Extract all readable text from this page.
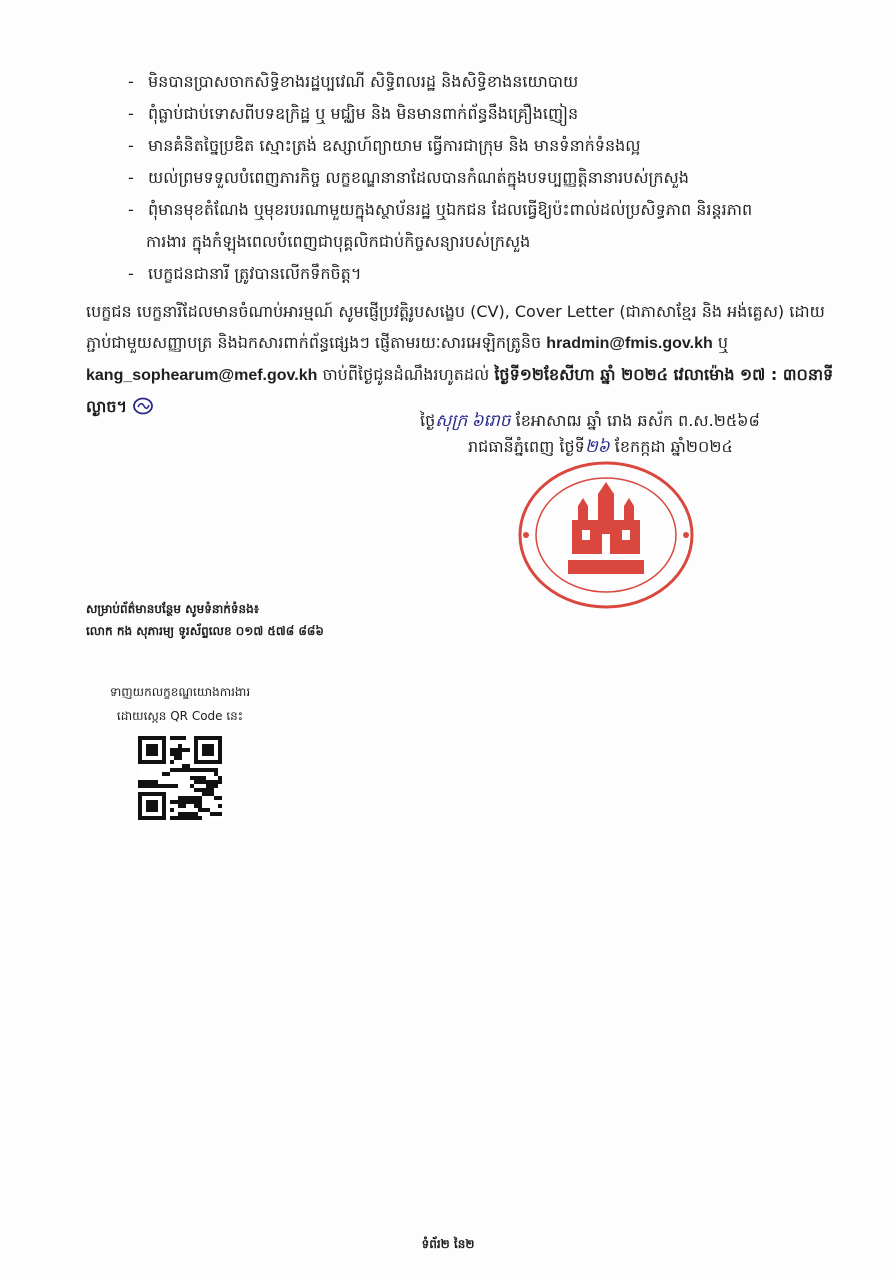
- មិនបានប្រាសចាកសិទ្ធិខាងរដ្ឋប្បវេណី សិទ្ធិពលរដ្ឋ និងសិទ្ធិខាងនយោបាយ
- ពុំធ្លាប់ជាប់ទោសពីបទឧក្រិដ្ឋ ឬ មជ្ឈិម និង មិនមានពាក់ព័ន្ធនឹងគ្រឿងញៀន
- មានគំនិតច្នៃប្រឌិត ស្មោះត្រង់ ឧស្សាហ៍ព្យាយាម ធ្វើការជាក្រុម និង មានទំនាក់ទំនងល្អ
- យល់ព្រមទទួលបំពេញភារកិច្ច លក្ខខណ្ឌនានាដែលបានកំណត់ក្នុងបទប្បញ្ញត្តិនានារបស់ក្រសួង
- ពុំមានមុខតំណែង ឬមុខរបរណាមួយក្នុងស្ថាប័នរដ្ឋ ឬឯកជន ដែលធ្វើឱ្យប៉ះពាល់ដល់ប្រសិទ្ធភាព និរន្តរភាព
ការងារ ក្នុងកំឡុងពេលបំពេញជាបុគ្គលិកជាប់កិច្ចសន្យារបស់ក្រសួង
- បេក្ខជនជានារី ត្រូវបានលើកទឹកចិត្ត។
បេក្ខជន បេក្ខនារីដែលមានចំណាប់អារម្មណ៍ សូមផ្ញើប្រវត្តិរូបសង្ខេប (CV), Cover Letter (ជាភាសាខ្មែរ និង អង់គ្លេស) ដោយភ្ជាប់ជាមួយសញ្ញាបត្រ និងឯកសារពាក់ព័ន្ធផ្សេងៗ ផ្ញើតាមរយៈសារអេឡិកត្រូនិច hradmin@fmis.gov.kh ឬ kang_sophearum@mef.gov.kh ចាប់ពីថ្ងៃជូនដំណឹងរហូតដល់ ថ្ងៃទី១២ខែសីហា ឆ្នាំ ២០២៤ វេលាម៉ោង ១៧ : ៣០នាទីល្ងាច។
ថ្ងៃសុក្រ ៦រោច ខែអាសាឍ ឆ្នាំ រោង ឆស័ក ព.ស.២៥៦៨
រាជធានីភ្នំពេញ ថ្ងៃទី២៦ ខែកក្កដា ឆ្នាំ២០២៤
សម្រាប់ព័ត៌មានបន្ថែម សូមទំនាក់ទំនង៖
លោក កង សុភារម្យ ទូរស័ព្ទលេខ ០១៧ ៥៧៨ ៨៨៦
ទាញយកលក្ខខណ្ឌយោងការងារ
ដោយស្កេន QR Code នេះ
ទំព័រ២ នៃ២
